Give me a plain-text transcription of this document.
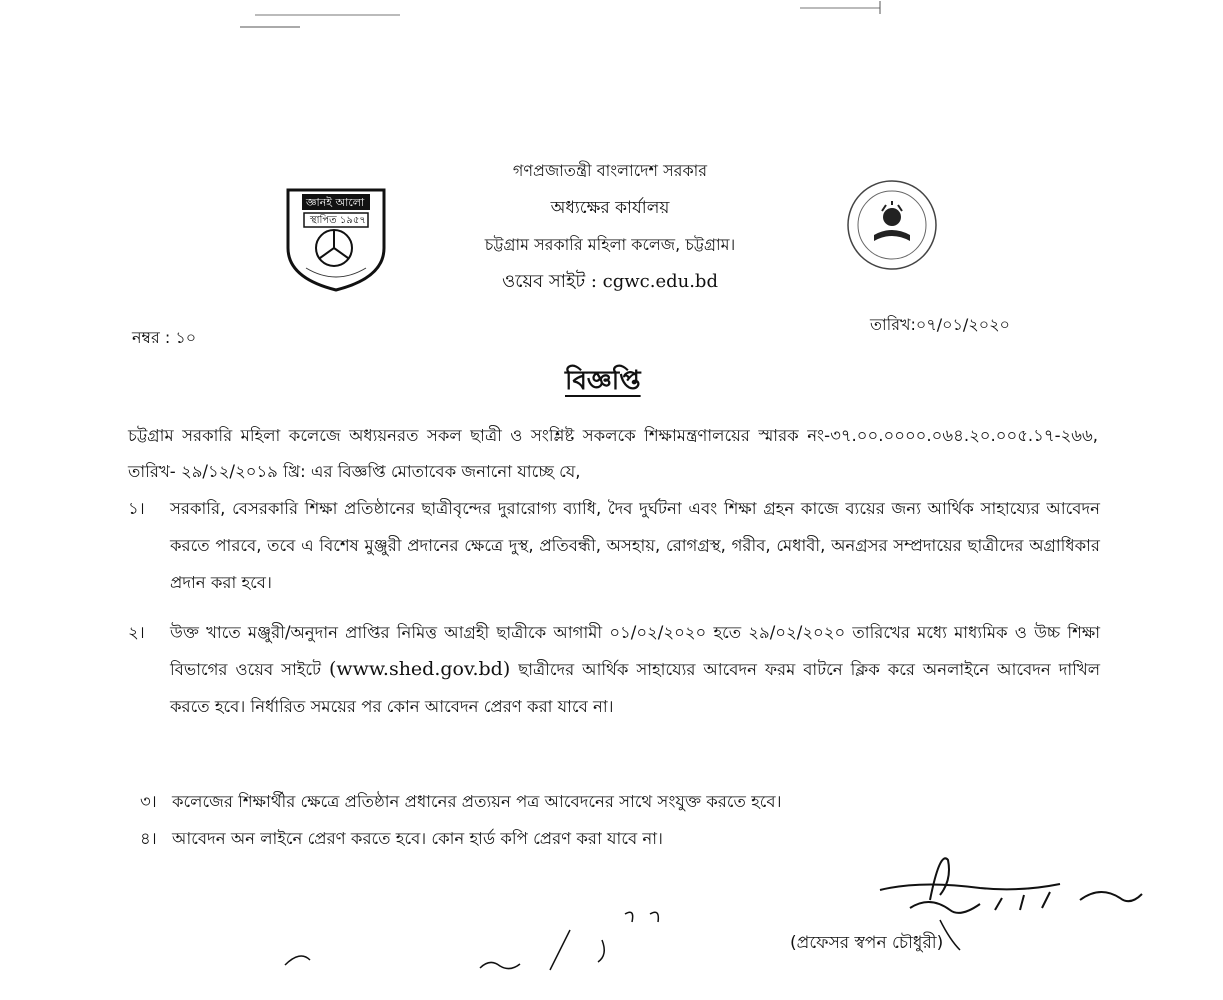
জ্ঞানই আলো
স্থাপিত ১৯৫৭
গণপ্রজাতন্ত্রী বাংলাদেশ সরকার
অধ্যক্ষের কার্যালয়
চট্টগ্রাম সরকারি মহিলা কলেজ, চট্টগ্রাম।
ওয়েব সাইট : cgwc.edu.bd
নম্বর : ১০
তারিখ:০৭/০১/২০২০
বিজ্ঞপ্তি
চট্টগ্রাম সরকারি মহিলা কলেজে অধ্যয়নরত সকল ছাত্রী ও সংশ্লিষ্ট সকলকে শিক্ষামন্ত্রণালয়ের স্মারক নং-৩৭.০০.০০০০.০৬৪.২০.০০৫.১৭-২৬৬, তারিখ- ২৯/১২/২০১৯ খ্রি: এর বিজ্ঞপ্তি মোতাবেক জনানো যাচ্ছে যে,
১। সরকারি, বেসরকারি শিক্ষা প্রতিষ্ঠানের ছাত্রীবৃন্দের দুরারোগ্য ব্যাধি, দৈব দুর্ঘটনা এবং শিক্ষা গ্রহন কাজে ব্যয়ের জন্য আর্থিক সাহায্যের আবেদন করতে পারবে, তবে এ বিশেষ মুঞ্জুরী প্রদানের ক্ষেত্রে দুস্থ, প্রতিবন্ধী, অসহায়, রোগগ্রস্থ, গরীব, মেধাবী, অনগ্রসর সম্প্রদায়ের ছাত্রীদের অগ্রাধিকার প্রদান করা হবে।
২। উক্ত খাতে মঞ্জুরী/অনুদান প্রাপ্তির নিমিত্ত আগ্রহী ছাত্রীকে আগামী ০১/০২/২০২০ হতে ২৯/০২/২০২০ তারিখের মধ্যে মাধ্যমিক ও উচ্চ শিক্ষা বিভাগের ওয়েব সাইটে (www.shed.gov.bd) ছাত্রীদের আর্থিক সাহায্যের আবেদন ফরম বাটনে ক্লিক করে অনলাইনে আবেদন দাখিল করতে হবে। নির্ধারিত সময়ের পর কোন আবেদন প্রেরণ করা যাবে না।
৩। কলেজের শিক্ষার্থীর ক্ষেত্রে প্রতিষ্ঠান প্রধানের প্রত্যয়ন পত্র আবেদনের সাথে সংযুক্ত করতে হবে।
৪। আবেদন অন লাইনে প্রেরণ করতে হবে। কোন হার্ড কপি প্রেরণ করা যাবে না।
(প্রফেসর স্বপন চৌধুরী)
